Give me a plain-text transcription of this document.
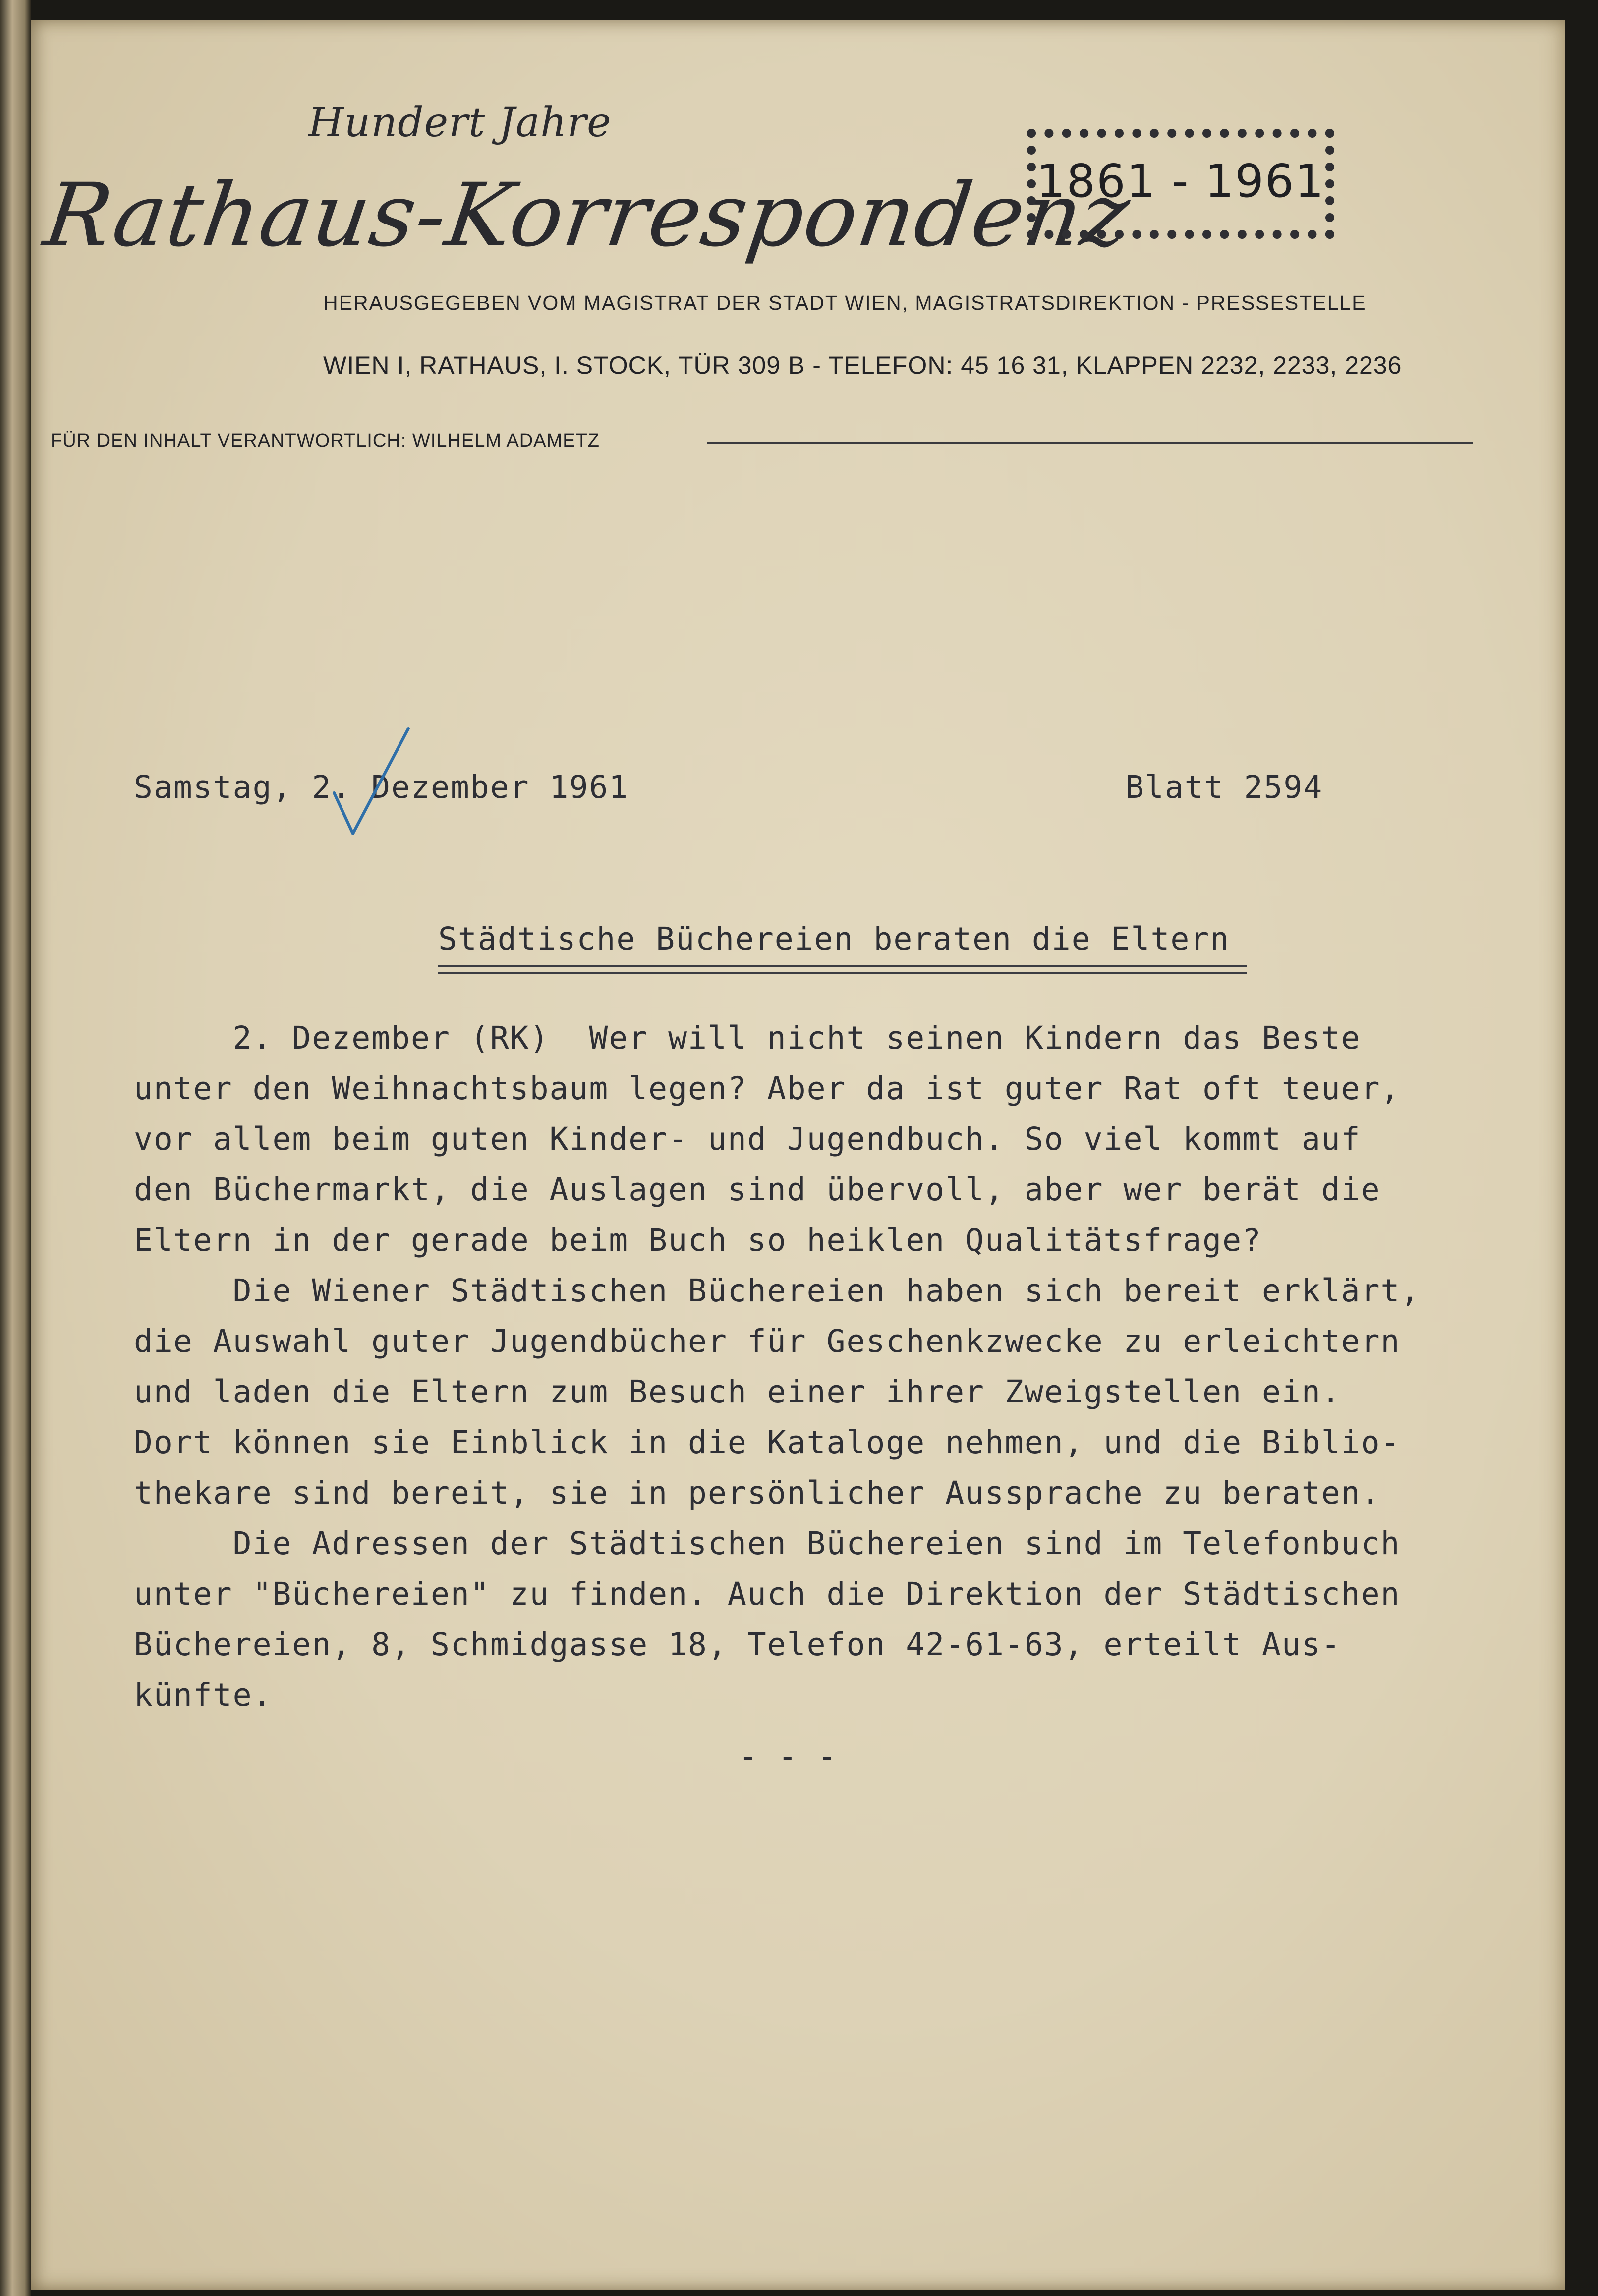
Hundert Jahre
Rathaus-Korrespondenz
1861 - 1961
HERAUSGEGEBEN VOM MAGISTRAT DER STADT WIEN, MAGISTRATSDIREKTION - PRESSESTELLE
WIEN I, RATHAUS, I. STOCK, TÜR 309 B - TELEFON: 45 16 31, KLAPPEN 2232, 2233, 2236
FÜR DEN INHALT VERANTWORTLICH: WILHELM ADAMETZ
Samstag, 2. Dezember 1961	Blatt 2594
Städtische Büchereien beraten die Eltern
2. Dezember (RK)  Wer will nicht seinen Kindern das Beste
unter den Weihnachtsbaum legen? Aber da ist guter Rat oft teuer,
vor allem beim guten Kinder- und Jugendbuch. So viel kommt auf
den Büchermarkt, die Auslagen sind übervoll, aber wer berät die
Eltern in der gerade beim Buch so heiklen Qualitätsfrage?
Die Wiener Städtischen Büchereien haben sich bereit erklärt,
die Auswahl guter Jugendbücher für Geschenkzwecke zu erleichtern
und laden die Eltern zum Besuch einer ihrer Zweigstellen ein.
Dort können sie Einblick in die Kataloge nehmen, und die Biblio-
thekare sind bereit, sie in persönlicher Aussprache zu beraten.
Die Adressen der Städtischen Büchereien sind im Telefonbuch
unter "Büchereien" zu finden. Auch die Direktion der Städtischen
Büchereien, 8, Schmidgasse 18, Telefon 42-61-63, erteilt Aus-
künfte.
- - -
